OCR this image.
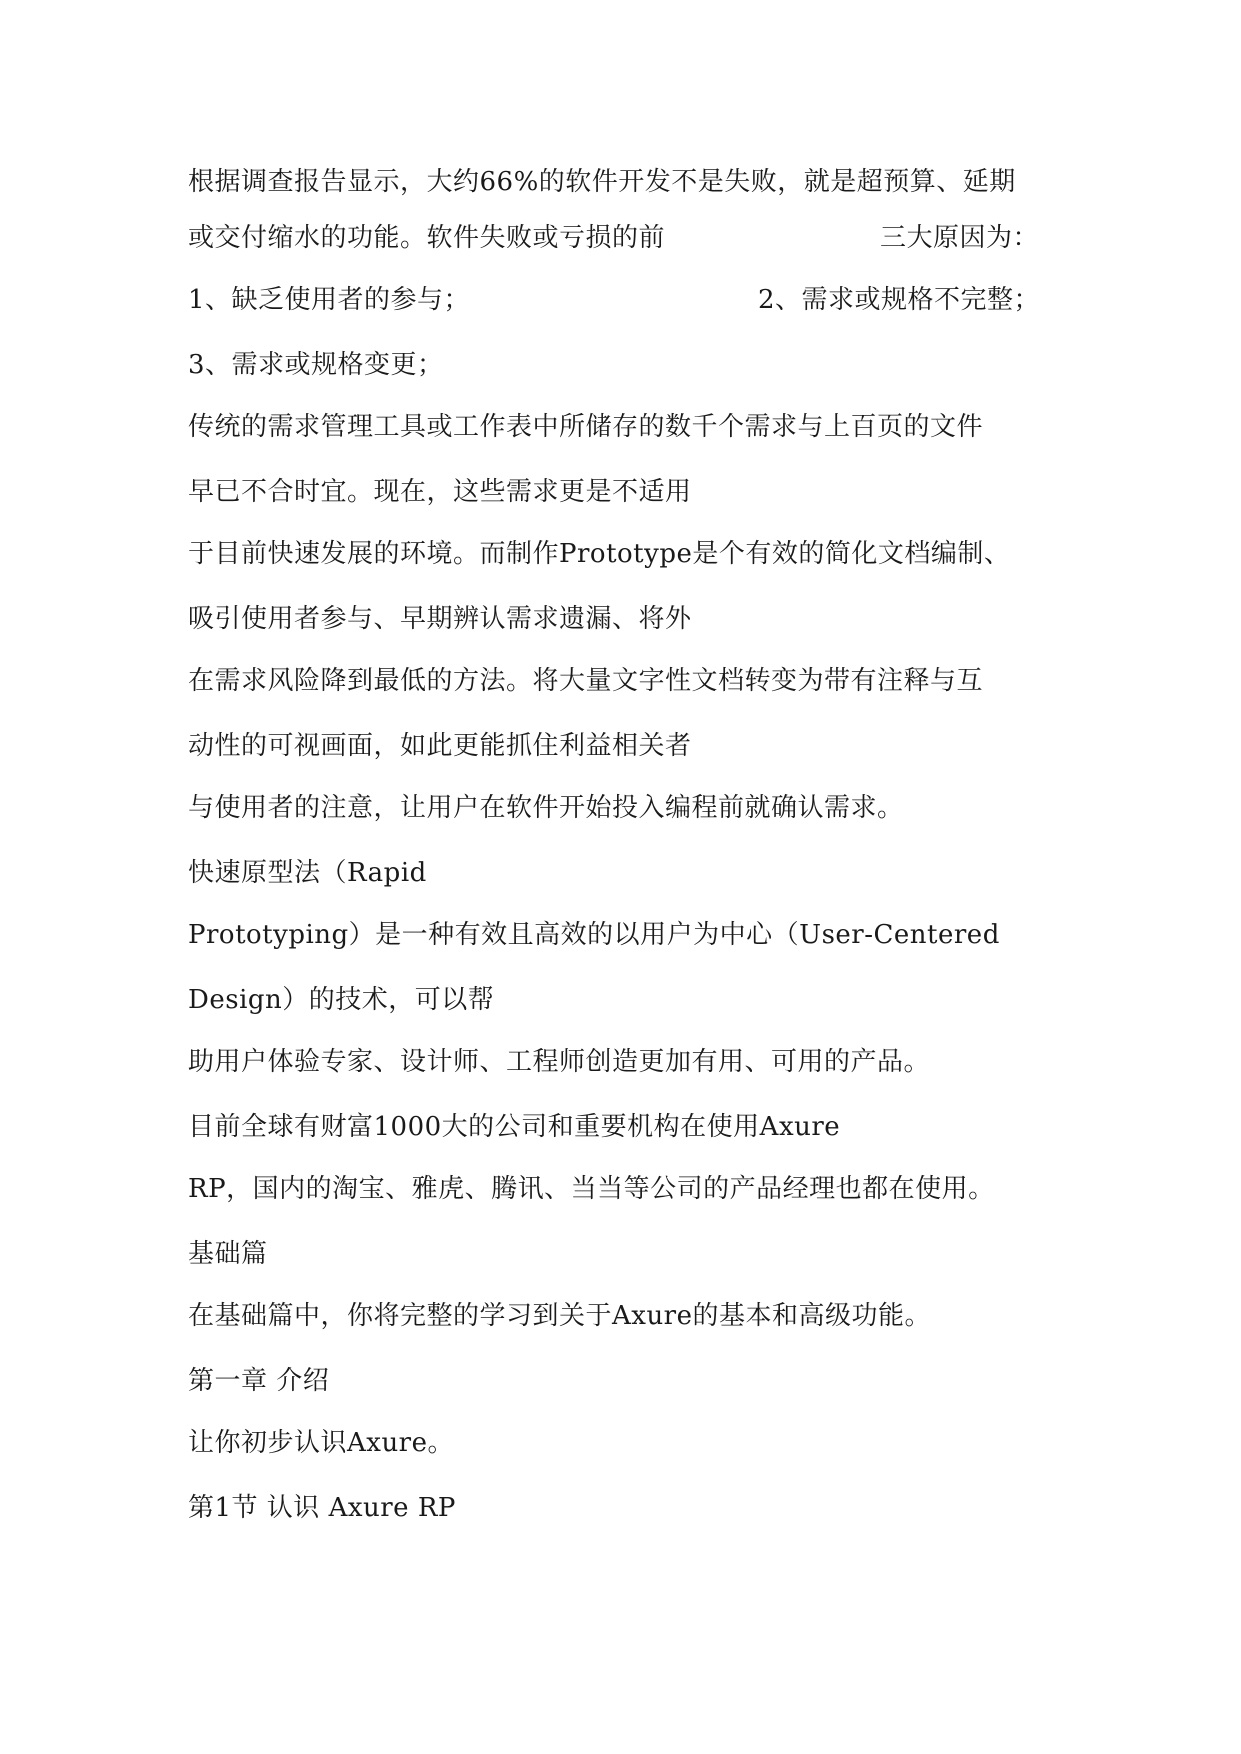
根据调查报告显示，大约66%的软件开发不是失败，就是超预算、延期
或交付缩水的功能。软件失败或亏损的前	三大原因为：
1、缺乏使用者的参与；	2、需求或规格不完整；
3、需求或规格变更；
传统的需求管理工具或工作表中所储存的数千个需求与上百页的文件
早已不合时宜。现在，这些需求更是不适用
于目前快速发展的环境。而制作Prototype是个有效的简化文档编制、
吸引使用者参与、早期辨认需求遗漏、将外
在需求风险降到最低的方法。将大量文字性文档转变为带有注释与互
动性的可视画面，如此更能抓住利益相关者
与使用者的注意，让用户在软件开始投入编程前就确认需求。
快速原型法（Rapid
Prototyping）是一种有效且高效的以用户为中心（User-Centered
Design）的技术，可以帮
助用户体验专家、设计师、工程师创造更加有用、可用的产品。
目前全球有财富1000大的公司和重要机构在使用Axure
RP，国内的淘宝、雅虎、腾讯、当当等公司的产品经理也都在使用。
基础篇
在基础篇中，你将完整的学习到关于Axure的基本和高级功能。
第一章 介绍
让你初步认识Axure。
第1节 认识 Axure RP
